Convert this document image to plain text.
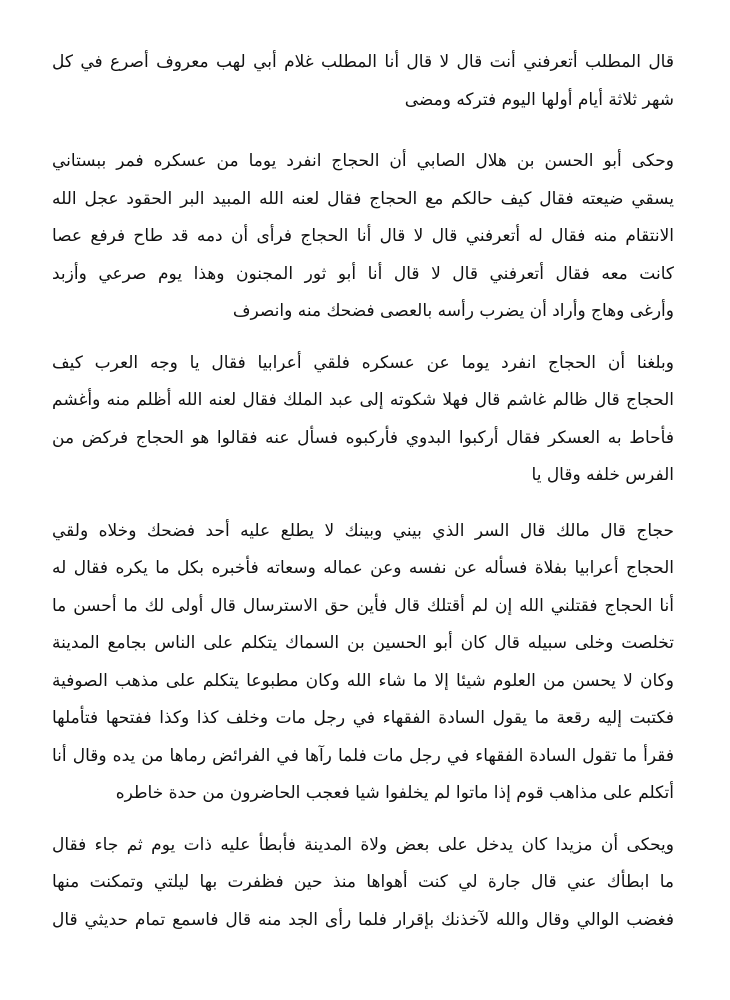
قال المطلب أتعرفني أنت قال لا قال أنا المطلب غلام أبي لهب معروف أصرع في كل
شهر ثلاثة أيام أولها اليوم فتركه ومضى
وحكى أبو الحسن بن هلال الصابي أن الحجاج انفرد يوما من عسكره فمر ببستاني
يسقي ضيعته فقال كيف حالكم مع الحجاج فقال لعنه الله المبيد البر الحقود عجل الله
الانتقام منه فقال له أتعرفني قال لا قال أنا الحجاج فرأى أن دمه قد طاح فرفع عصا
كانت معه فقال أتعرفني قال لا قال أنا أبو ثور المجنون وهذا يوم صرعي وأزبد
وأرغى وهاج وأراد أن يضرب رأسه بالعصى فضحك منه وانصرف
وبلغنا أن الحجاج انفرد يوما عن عسكره فلقي أعرابيا فقال يا وجه العرب كيف
الحجاج قال ظالم غاشم قال فهلا شكوته إلى عبد الملك فقال لعنه الله أظلم منه وأغشم
فأحاط به العسكر فقال أركبوا البدوي فأركبوه فسأل عنه فقالوا هو الحجاج فركض من
الفرس خلفه وقال يا
حجاج قال مالك قال السر الذي بيني وبينك لا يطلع عليه أحد فضحك وخلاه ولقي
الحجاج أعرابيا بفلاة فسأله عن نفسه وعن عماله وسعاته فأخبره بكل ما يكره فقال له
أنا الحجاج فقتلني الله إن لم أقتلك قال فأين حق الاسترسال قال أولى لك ما أحسن ما
تخلصت وخلى سبيله قال كان أبو الحسين بن السماك يتكلم على الناس بجامع المدينة
وكان لا يحسن من العلوم شيئا إلا ما شاء الله وكان مطبوعا يتكلم على مذهب الصوفية
فكتبت إليه رقعة ما يقول السادة الفقهاء في رجل مات وخلف كذا وكذا ففتحها فتأملها
فقرأ ما تقول السادة الفقهاء في رجل مات فلما رآها في الفرائض رماها من يده وقال أنا
أتكلم على مذاهب قوم إذا ماتوا لم يخلفوا شيا فعجب الحاضرون من حدة خاطره
ويحكى أن مزيدا كان يدخل على بعض ولاة المدينة فأبطأ عليه ذات يوم ثم جاء فقال
ما ابطأك عني قال جارة لي كنت أهواها منذ حين فظفرت بها ليلتي وتمكنت منها
فغضب الوالي وقال والله لآخذنك بإقرار فلما رأى الجد منه قال فاسمع تمام حديثي قال
